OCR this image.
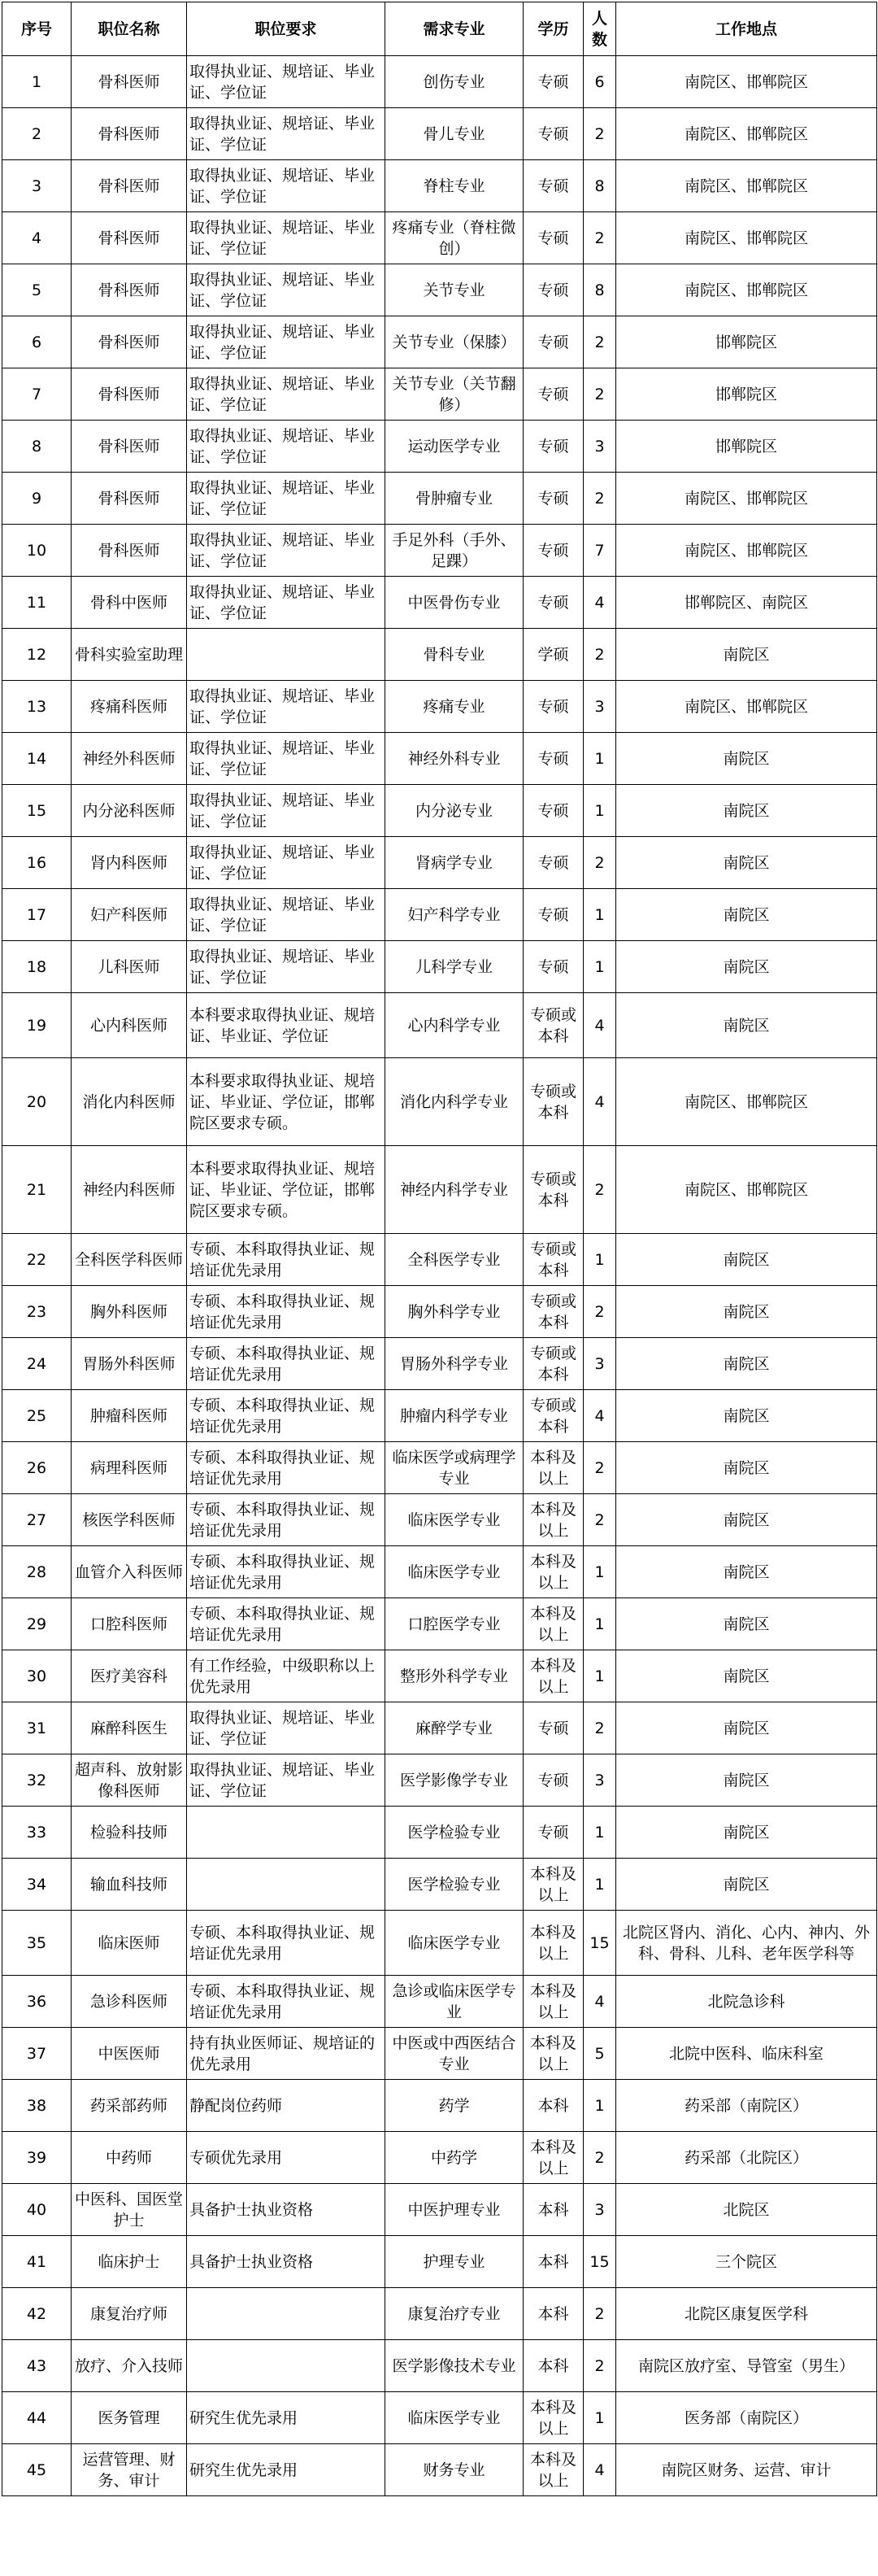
序号	职位名称	职位要求	需求专业	学历	人数	工作地点
1	骨科医师	取得执业证、规培证、毕业证、学位证	创伤专业	专硕	6	南院区、邯郸院区
2	骨科医师	取得执业证、规培证、毕业证、学位证	骨儿专业	专硕	2	南院区、邯郸院区
3	骨科医师	取得执业证、规培证、毕业证、学位证	脊柱专业	专硕	8	南院区、邯郸院区
4	骨科医师	取得执业证、规培证、毕业证、学位证	疼痛专业（脊柱微创）	专硕	2	南院区、邯郸院区
5	骨科医师	取得执业证、规培证、毕业证、学位证	关节专业	专硕	8	南院区、邯郸院区
6	骨科医师	取得执业证、规培证、毕业证、学位证	关节专业（保膝）	专硕	2	邯郸院区
7	骨科医师	取得执业证、规培证、毕业证、学位证	关节专业（关节翻修）	专硕	2	邯郸院区
8	骨科医师	取得执业证、规培证、毕业证、学位证	运动医学专业	专硕	3	邯郸院区
9	骨科医师	取得执业证、规培证、毕业证、学位证	骨肿瘤专业	专硕	2	南院区、邯郸院区
10	骨科医师	取得执业证、规培证、毕业证、学位证	手足外科（手外、足踝）	专硕	7	南院区、邯郸院区
11	骨科中医师	取得执业证、规培证、毕业证、学位证	中医骨伤专业	专硕	4	邯郸院区、南院区
12	骨科实验室助理		骨科专业	学硕	2	南院区
13	疼痛科医师	取得执业证、规培证、毕业证、学位证	疼痛专业	专硕	3	南院区、邯郸院区
14	神经外科医师	取得执业证、规培证、毕业证、学位证	神经外科专业	专硕	1	南院区
15	内分泌科医师	取得执业证、规培证、毕业证、学位证	内分泌专业	专硕	1	南院区
16	肾内科医师	取得执业证、规培证、毕业证、学位证	肾病学专业	专硕	2	南院区
17	妇产科医师	取得执业证、规培证、毕业证、学位证	妇产科学专业	专硕	1	南院区
18	儿科医师	取得执业证、规培证、毕业证、学位证	儿科学专业	专硕	1	南院区
19	心内科医师	本科要求取得执业证、规培证、毕业证、学位证	心内科学专业	专硕或本科	4	南院区
20	消化内科医师	本科要求取得执业证、规培证、毕业证、学位证，邯郸院区要求专硕。	消化内科学专业	专硕或本科	4	南院区、邯郸院区
21	神经内科医师	本科要求取得执业证、规培证、毕业证、学位证，邯郸院区要求专硕。	神经内科学专业	专硕或本科	2	南院区、邯郸院区
22	全科医学科医师	专硕、本科取得执业证、规培证优先录用	全科医学专业	专硕或本科	1	南院区
23	胸外科医师	专硕、本科取得执业证、规培证优先录用	胸外科学专业	专硕或本科	2	南院区
24	胃肠外科医师	专硕、本科取得执业证、规培证优先录用	胃肠外科学专业	专硕或本科	3	南院区
25	肿瘤科医师	专硕、本科取得执业证、规培证优先录用	肿瘤内科学专业	专硕或本科	4	南院区
26	病理科医师	专硕、本科取得执业证、规培证优先录用	临床医学或病理学专业	本科及以上	2	南院区
27	核医学科医师	专硕、本科取得执业证、规培证优先录用	临床医学专业	本科及以上	2	南院区
28	血管介入科医师	专硕、本科取得执业证、规培证优先录用	临床医学专业	本科及以上	1	南院区
29	口腔科医师	专硕、本科取得执业证、规培证优先录用	口腔医学专业	本科及以上	1	南院区
30	医疗美容科	有工作经验，中级职称以上优先录用	整形外科学专业	本科及以上	1	南院区
31	麻醉科医生	取得执业证、规培证、毕业证、学位证	麻醉学专业	专硕	2	南院区
32	超声科、放射影像科医师	取得执业证、规培证、毕业证、学位证	医学影像学专业	专硕	3	南院区
33	检验科技师		医学检验专业	专硕	1	南院区
34	输血科技师		医学检验专业	本科及以上	1	南院区
35	临床医师	专硕、本科取得执业证、规培证优先录用	临床医学专业	本科及以上	15	北院区肾内、消化、心内、神内、外科、骨科、儿科、老年医学科等
36	急诊科医师	专硕、本科取得执业证、规培证优先录用	急诊或临床医学专业	本科及以上	4	北院急诊科
37	中医医师	持有执业医师证、规培证的优先录用	中医或中西医结合专业	本科及以上	5	北院中医科、临床科室
38	药采部药师	静配岗位药师	药学	本科	1	药采部（南院区）
39	中药师	专硕优先录用	中药学	本科及以上	2	药采部（北院区）
40	中医科、国医堂护士	具备护士执业资格	中医护理专业	本科	3	北院区
41	临床护士	具备护士执业资格	护理专业	本科	15	三个院区
42	康复治疗师		康复治疗专业	本科	2	北院区康复医学科
43	放疗、介入技师		医学影像技术专业	本科	2	南院区放疗室、导管室（男生）
44	医务管理	研究生优先录用	临床医学专业	本科及以上	1	医务部（南院区）
45	运营管理、财务、审计	研究生优先录用	财务专业	本科及以上	4	南院区财务、运营、审计
